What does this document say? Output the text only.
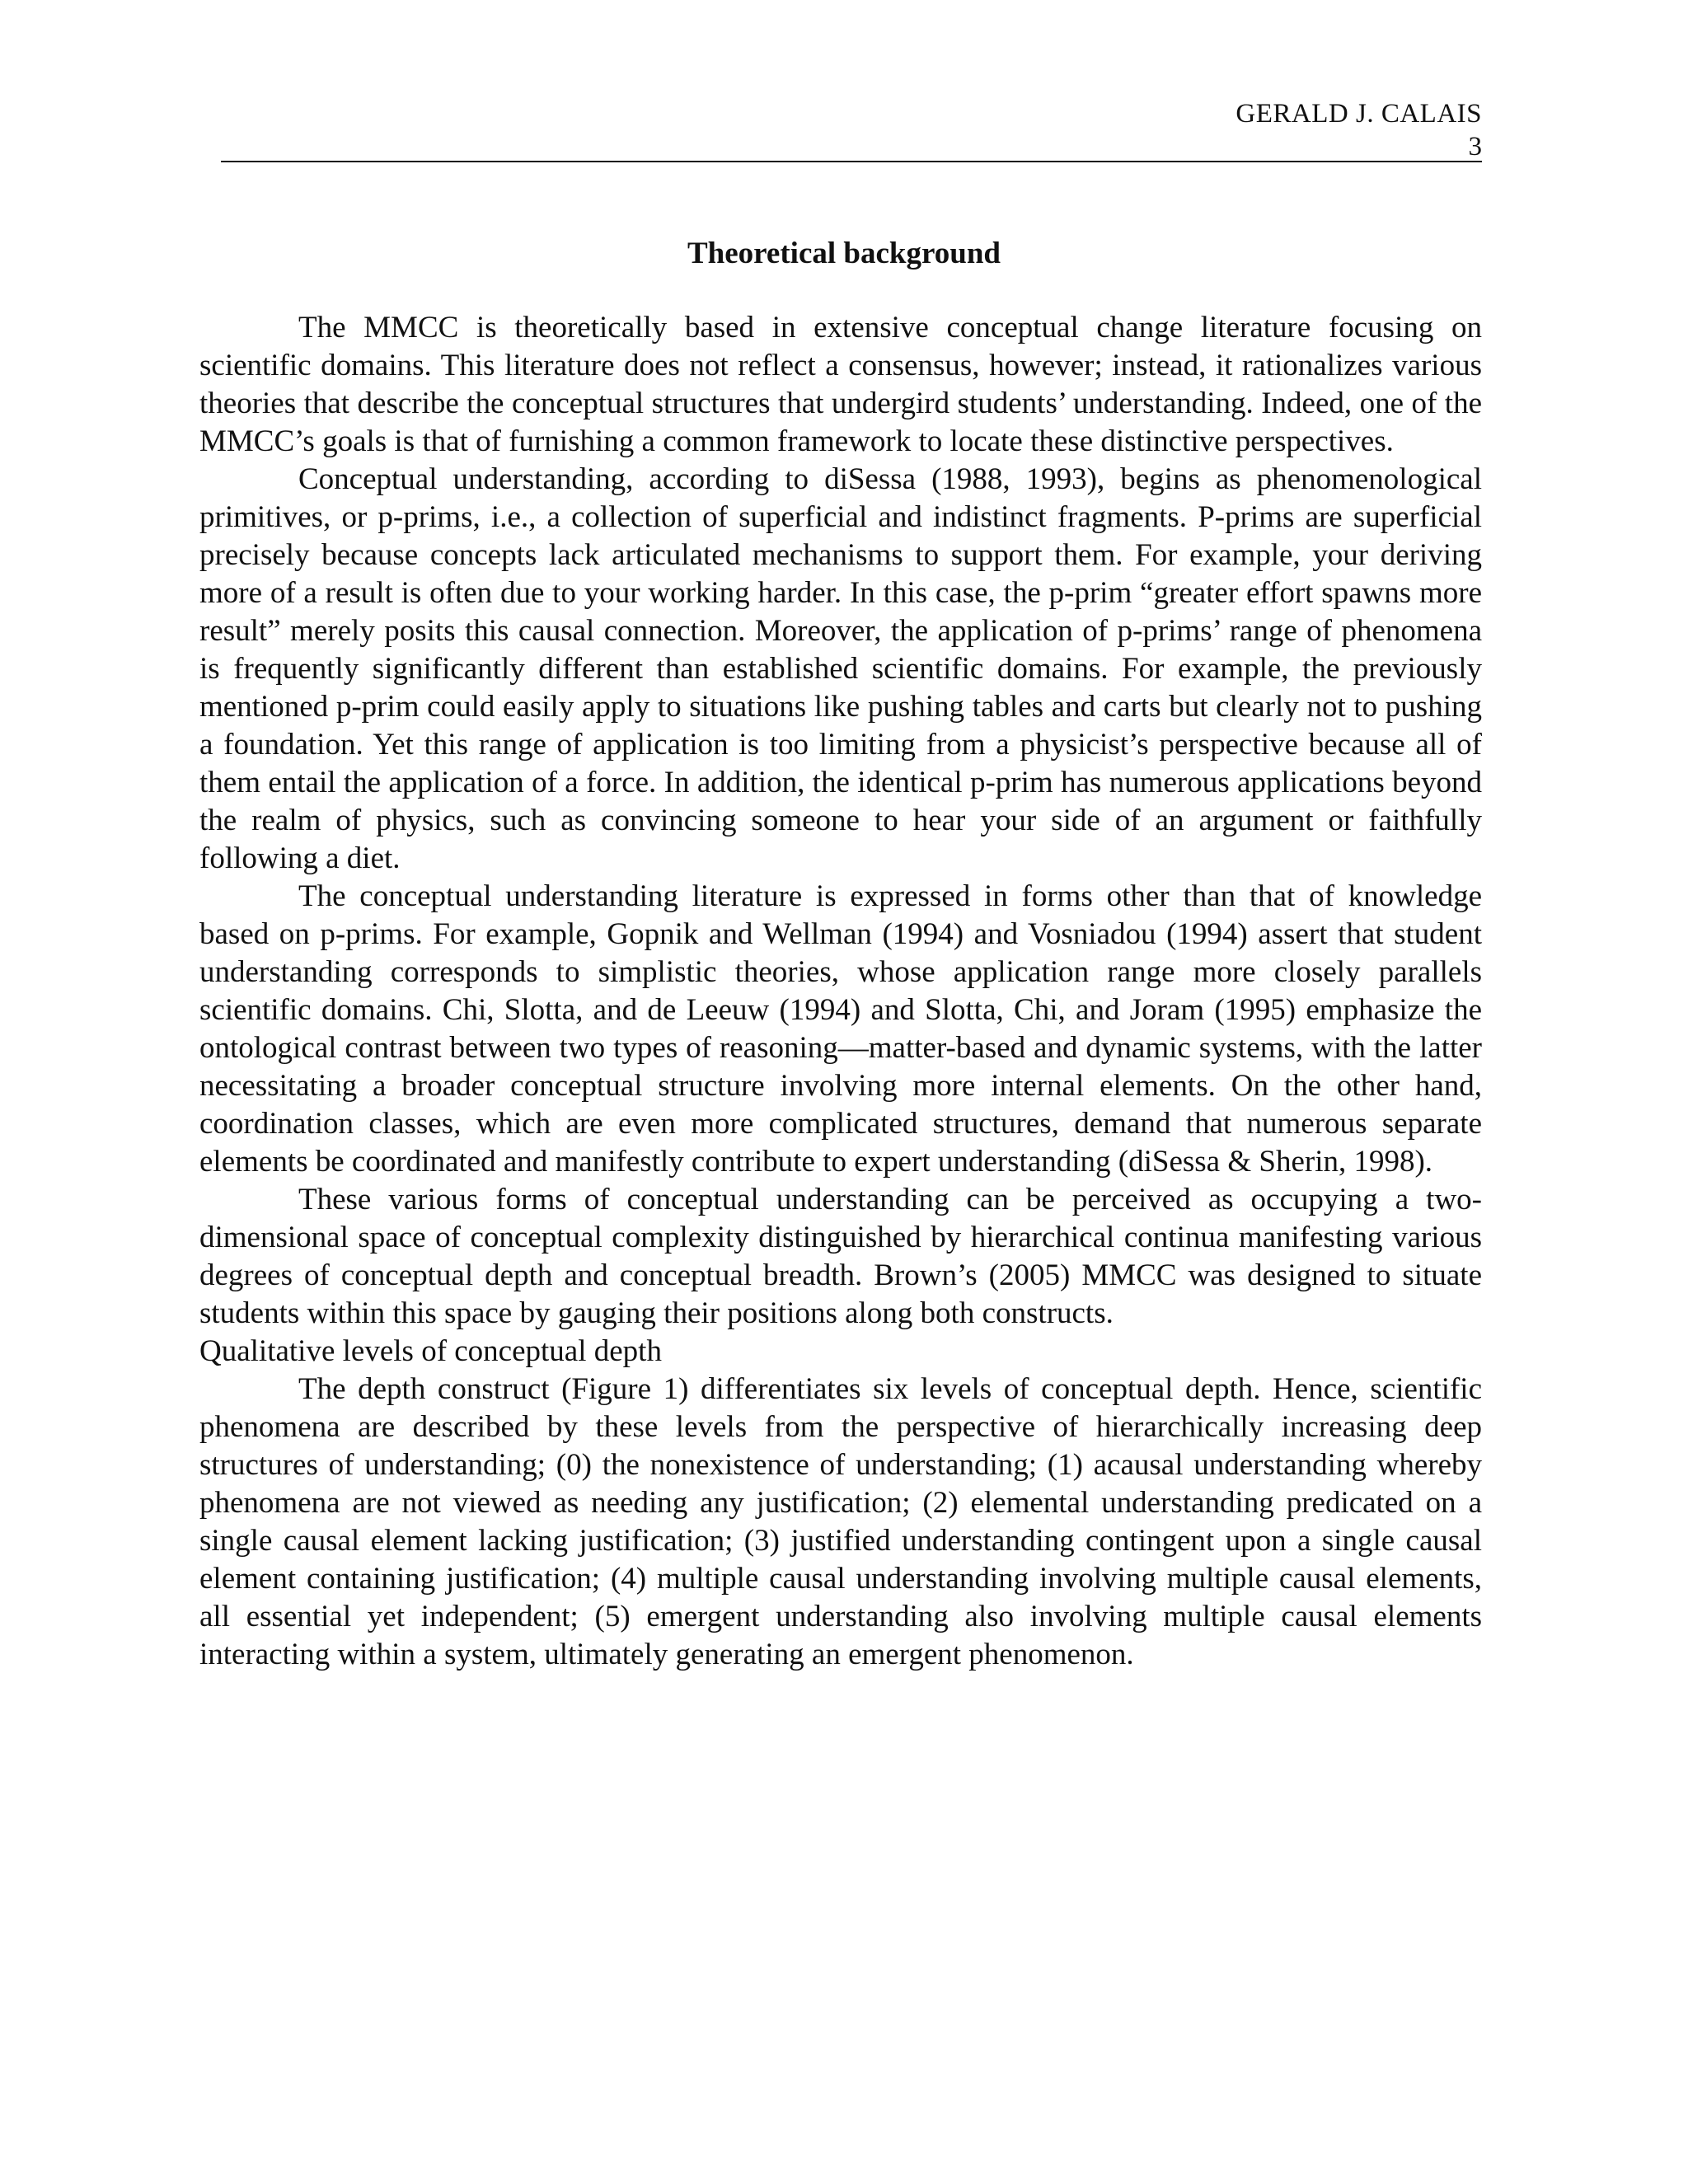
GERALD J. CALAIS
3
Theoretical background

The MMCC is theoretically based in extensive conceptual change literature focusing on scientific domains. This literature does not reflect a consensus, however; instead, it rationalizes various theories that describe the conceptual structures that undergird students’ understanding. Indeed, one of the MMCC’s goals is that of furnishing a common framework to locate these distinctive perspectives.

Conceptual understanding, according to diSessa (1988, 1993), begins as phenomenological primitives, or p-prims, i.e., a collection of superficial and indistinct fragments. P-prims are superficial precisely because concepts lack articulated mechanisms to support them. For example, your deriving more of a result is often due to your working harder. In this case, the p-prim “greater effort spawns more result” merely posits this causal connection. Moreover, the application of p-prims’ range of phenomena is frequently significantly different than established scientific domains. For example, the previously mentioned p-prim could easily apply to situations like pushing tables and carts but clearly not to pushing a foundation. Yet this range of application is too limiting from a physicist’s perspective because all of them entail the application of a force. In addition, the identical p-prim has numerous applications beyond the realm of physics, such as convincing someone to hear your side of an argument or faithfully following a diet.

The conceptual understanding literature is expressed in forms other than that of knowledge based on p-prims. For example, Gopnik and Wellman (1994) and Vosniadou (1994) assert that student understanding corresponds to simplistic theories, whose application range more closely parallels scientific domains. Chi, Slotta, and de Leeuw (1994) and Slotta, Chi, and Joram (1995) emphasize the ontological contrast between two types of reasoning—matter-based and dynamic systems, with the latter necessitating a broader conceptual structure involving more internal elements. On the other hand, coordination classes, which are even more complicated structures, demand that numerous separate elements be coordinated and manifestly contribute to expert understanding (diSessa & Sherin, 1998).

These various forms of conceptual understanding can be perceived as occupying a two-dimensional space of conceptual complexity distinguished by hierarchical continua manifesting various degrees of conceptual depth and conceptual breadth. Brown’s (2005) MMCC was designed to situate students within this space by gauging their positions along both constructs.

Qualitative levels of conceptual depth

The depth construct (Figure 1) differentiates six levels of conceptual depth. Hence, scientific phenomena are described by these levels from the perspective of hierarchically increasing deep structures of understanding; (0) the nonexistence of understanding; (1) acausal understanding whereby phenomena are not viewed as needing any justification; (2) elemental understanding predicated on a single causal element lacking justification; (3) justified understanding contingent upon a single causal element containing justification; (4) multiple causal understanding involving multiple causal elements, all essential yet independent; (5) emergent understanding also involving multiple causal elements interacting within a system, ultimately generating an emergent phenomenon.
